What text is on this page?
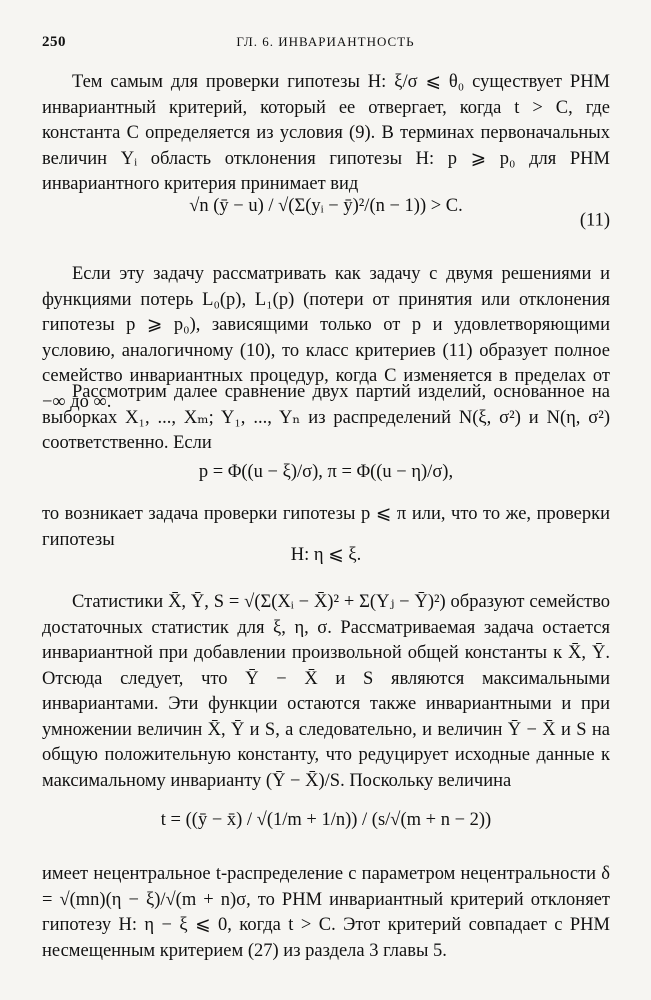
250	ГЛ. 6. ИНВАРИАНТНОСТЬ

Тем самым для проверки гипотезы H: ξ/σ ⩽ θ₀ существует РНМ инвариантный критерий, который ее отвергает, когда t > C, где константа C определяется из условия (9). В терминах первоначальных величин Yᵢ область отклонения гипотезы H: p ⩾ p₀ для РНМ инвариантного критерия принимает вид

√n (ȳ − u) / √(Σ(yᵢ − ȳ)²/(n − 1)) > C.
(11)

Если эту задачу рассматривать как задачу с двумя решениями и функциями потерь L₀(p), L₁(p) (потери от принятия или отклонения гипотезы p ⩾ p₀), зависящими только от p и удовлетворяющими условию, аналогичному (10), то класс критериев (11) образует полное семейство инвариантных процедур, когда C изменяется в пределах от −∞ до ∞.

Рассмотрим далее сравнение двух партий изделий, основанное на выборках X₁, ..., Xₘ; Y₁, ..., Yₙ из распределений N(ξ, σ²) и N(η, σ²) соответственно. Если

p = Φ((u − ξ)/σ), π = Φ((u − η)/σ),

то возникает задача проверки гипотезы p ⩽ π или, что то же, проверки гипотезы

H: η ⩽ ξ.

Статистики X̄, Ȳ, S = √(Σ(Xᵢ − X̄)² + Σ(Yⱼ − Ȳ)²) образуют семейство достаточных статистик для ξ, η, σ. Рассматриваемая задача остается инвариантной при добавлении произвольной общей константы к X̄, Ȳ. Отсюда следует, что Ȳ − X̄ и S являются максимальными инвариантами. Эти функции остаются также инвариантными и при умножении величин X̄, Ȳ и S, а следовательно, и величин Ȳ − X̄ и S на общую положительную константу, что редуцирует исходные данные к максимальному инварианту (Ȳ − X̄)/S. Поскольку величина

t = ((ȳ − x̄) / √(1/m + 1/n)) / (s/√(m + n − 2))

имеет нецентральное t-распределение с параметром нецентральности δ = √(mn)(η − ξ)/√(m + n)σ, то РНМ инвариантный критерий отклоняет гипотезу H: η − ξ ⩽ 0, когда t > C. Этот критерий совпадает с РНМ несмещенным критерием (27) из раздела 3 главы 5.
